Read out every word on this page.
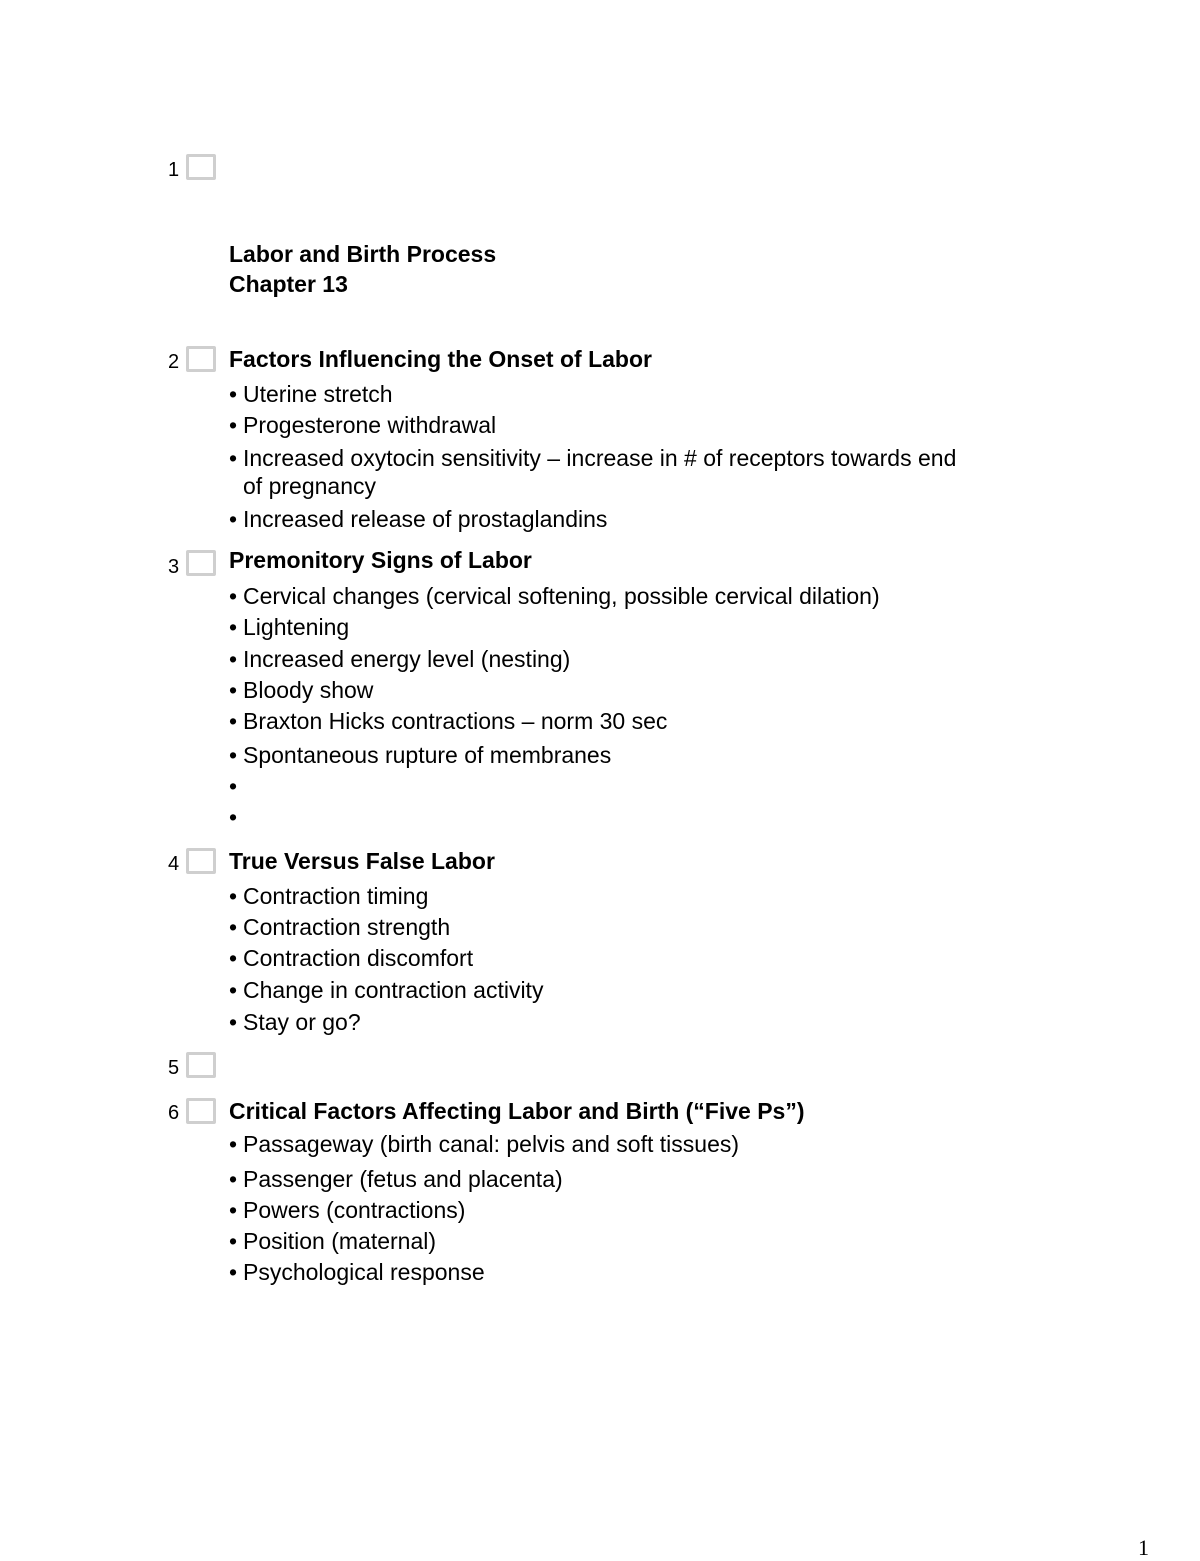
1
Labor and Birth Process
Chapter 13
2 Factors Influencing the Onset of Labor
• Uterine stretch
• Progesterone withdrawal
• Increased oxytocin sensitivity – increase in # of receptors towards end
of pregnancy
• Increased release of prostaglandins
3 Premonitory Signs of Labor
• Cervical changes (cervical softening, possible cervical dilation)
• Lightening
• Increased energy level (nesting)
• Bloody show
• Braxton Hicks contractions – norm 30 sec
• Spontaneous rupture of membranes
•
•
4 True Versus False Labor
• Contraction timing
• Contraction strength
• Contraction discomfort
• Change in contraction activity
• Stay or go?
5
6 Critical Factors Affecting Labor and Birth (“Five Ps”)
• Passageway (birth canal: pelvis and soft tissues)
• Passenger (fetus and placenta)
• Powers (contractions)
• Position (maternal)
• Psychological response
1
